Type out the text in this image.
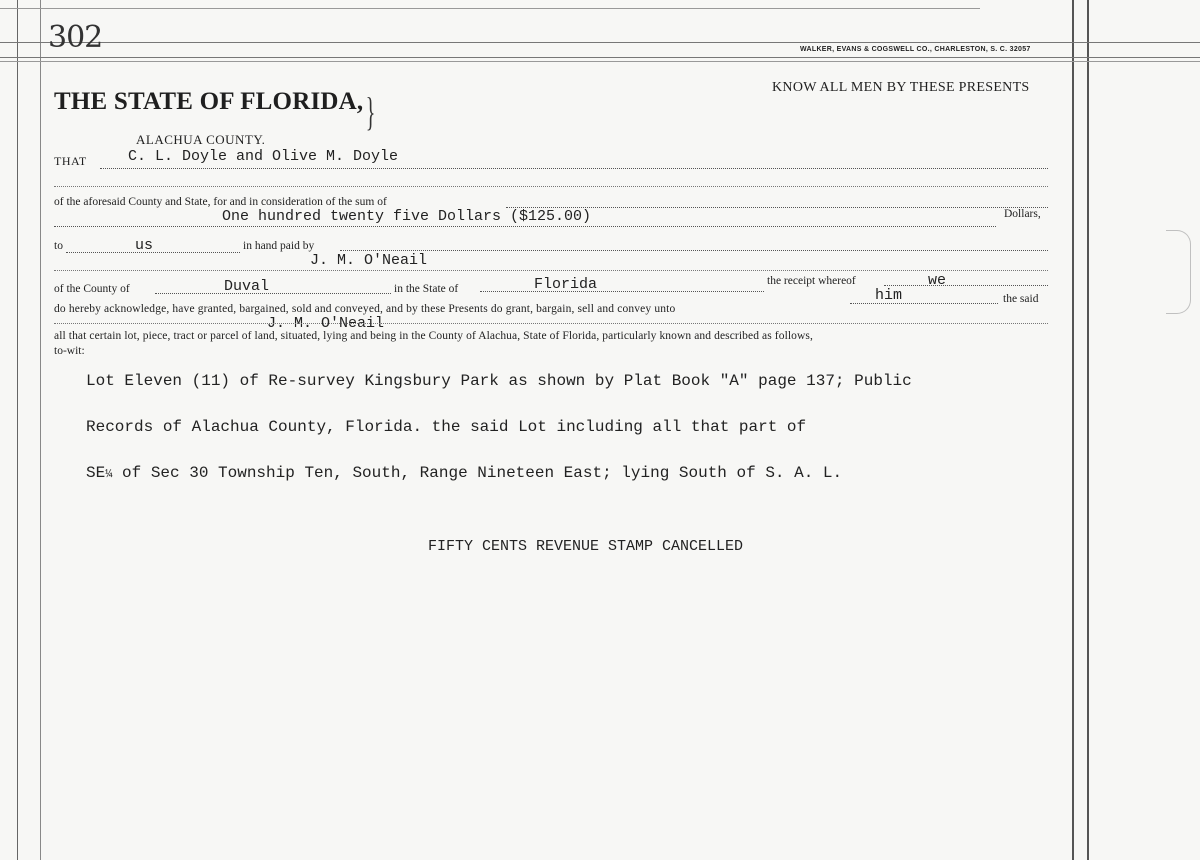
302	WALKER, EVANS & COGSWELL CO., CHARLESTON, S. C. 32057
THE STATE OF FLORIDA, }
KNOW ALL MEN BY THESE PRESENTS
ALACHUA COUNTY.
THAT	C. L. Doyle and Olive M. Doyle
of the aforesaid County and State, for and in consideration of the sum of
One hundred twenty five Dollars ($125.00)	Dollars,
to	us	in hand paid by
J. M. O'Neail
of the County of	Duval	in the State of	Florida	the receipt whereof	we
do hereby acknowledge, have granted, bargained, sold and conveyed, and by these Presents do grant, bargain, sell and convey unto
him	the said
J. M. O'Neail
all that certain lot, piece, tract or parcel of land, situated, lying and being in the County of Alachua, State of Florida, particularly known and described as follows,
to-wit:
Lot Eleven (11) of Re-survey Kingsbury Park as shown by Plat Book "A" page 137; Public
Records of Alachua County, Florida. the said Lot including all that part of
SE¼ of Sec 30 Township Ten, South, Range Nineteen East; lying South of S. A. L.
FIFTY CENTS REVENUE STAMP CANCELLED
